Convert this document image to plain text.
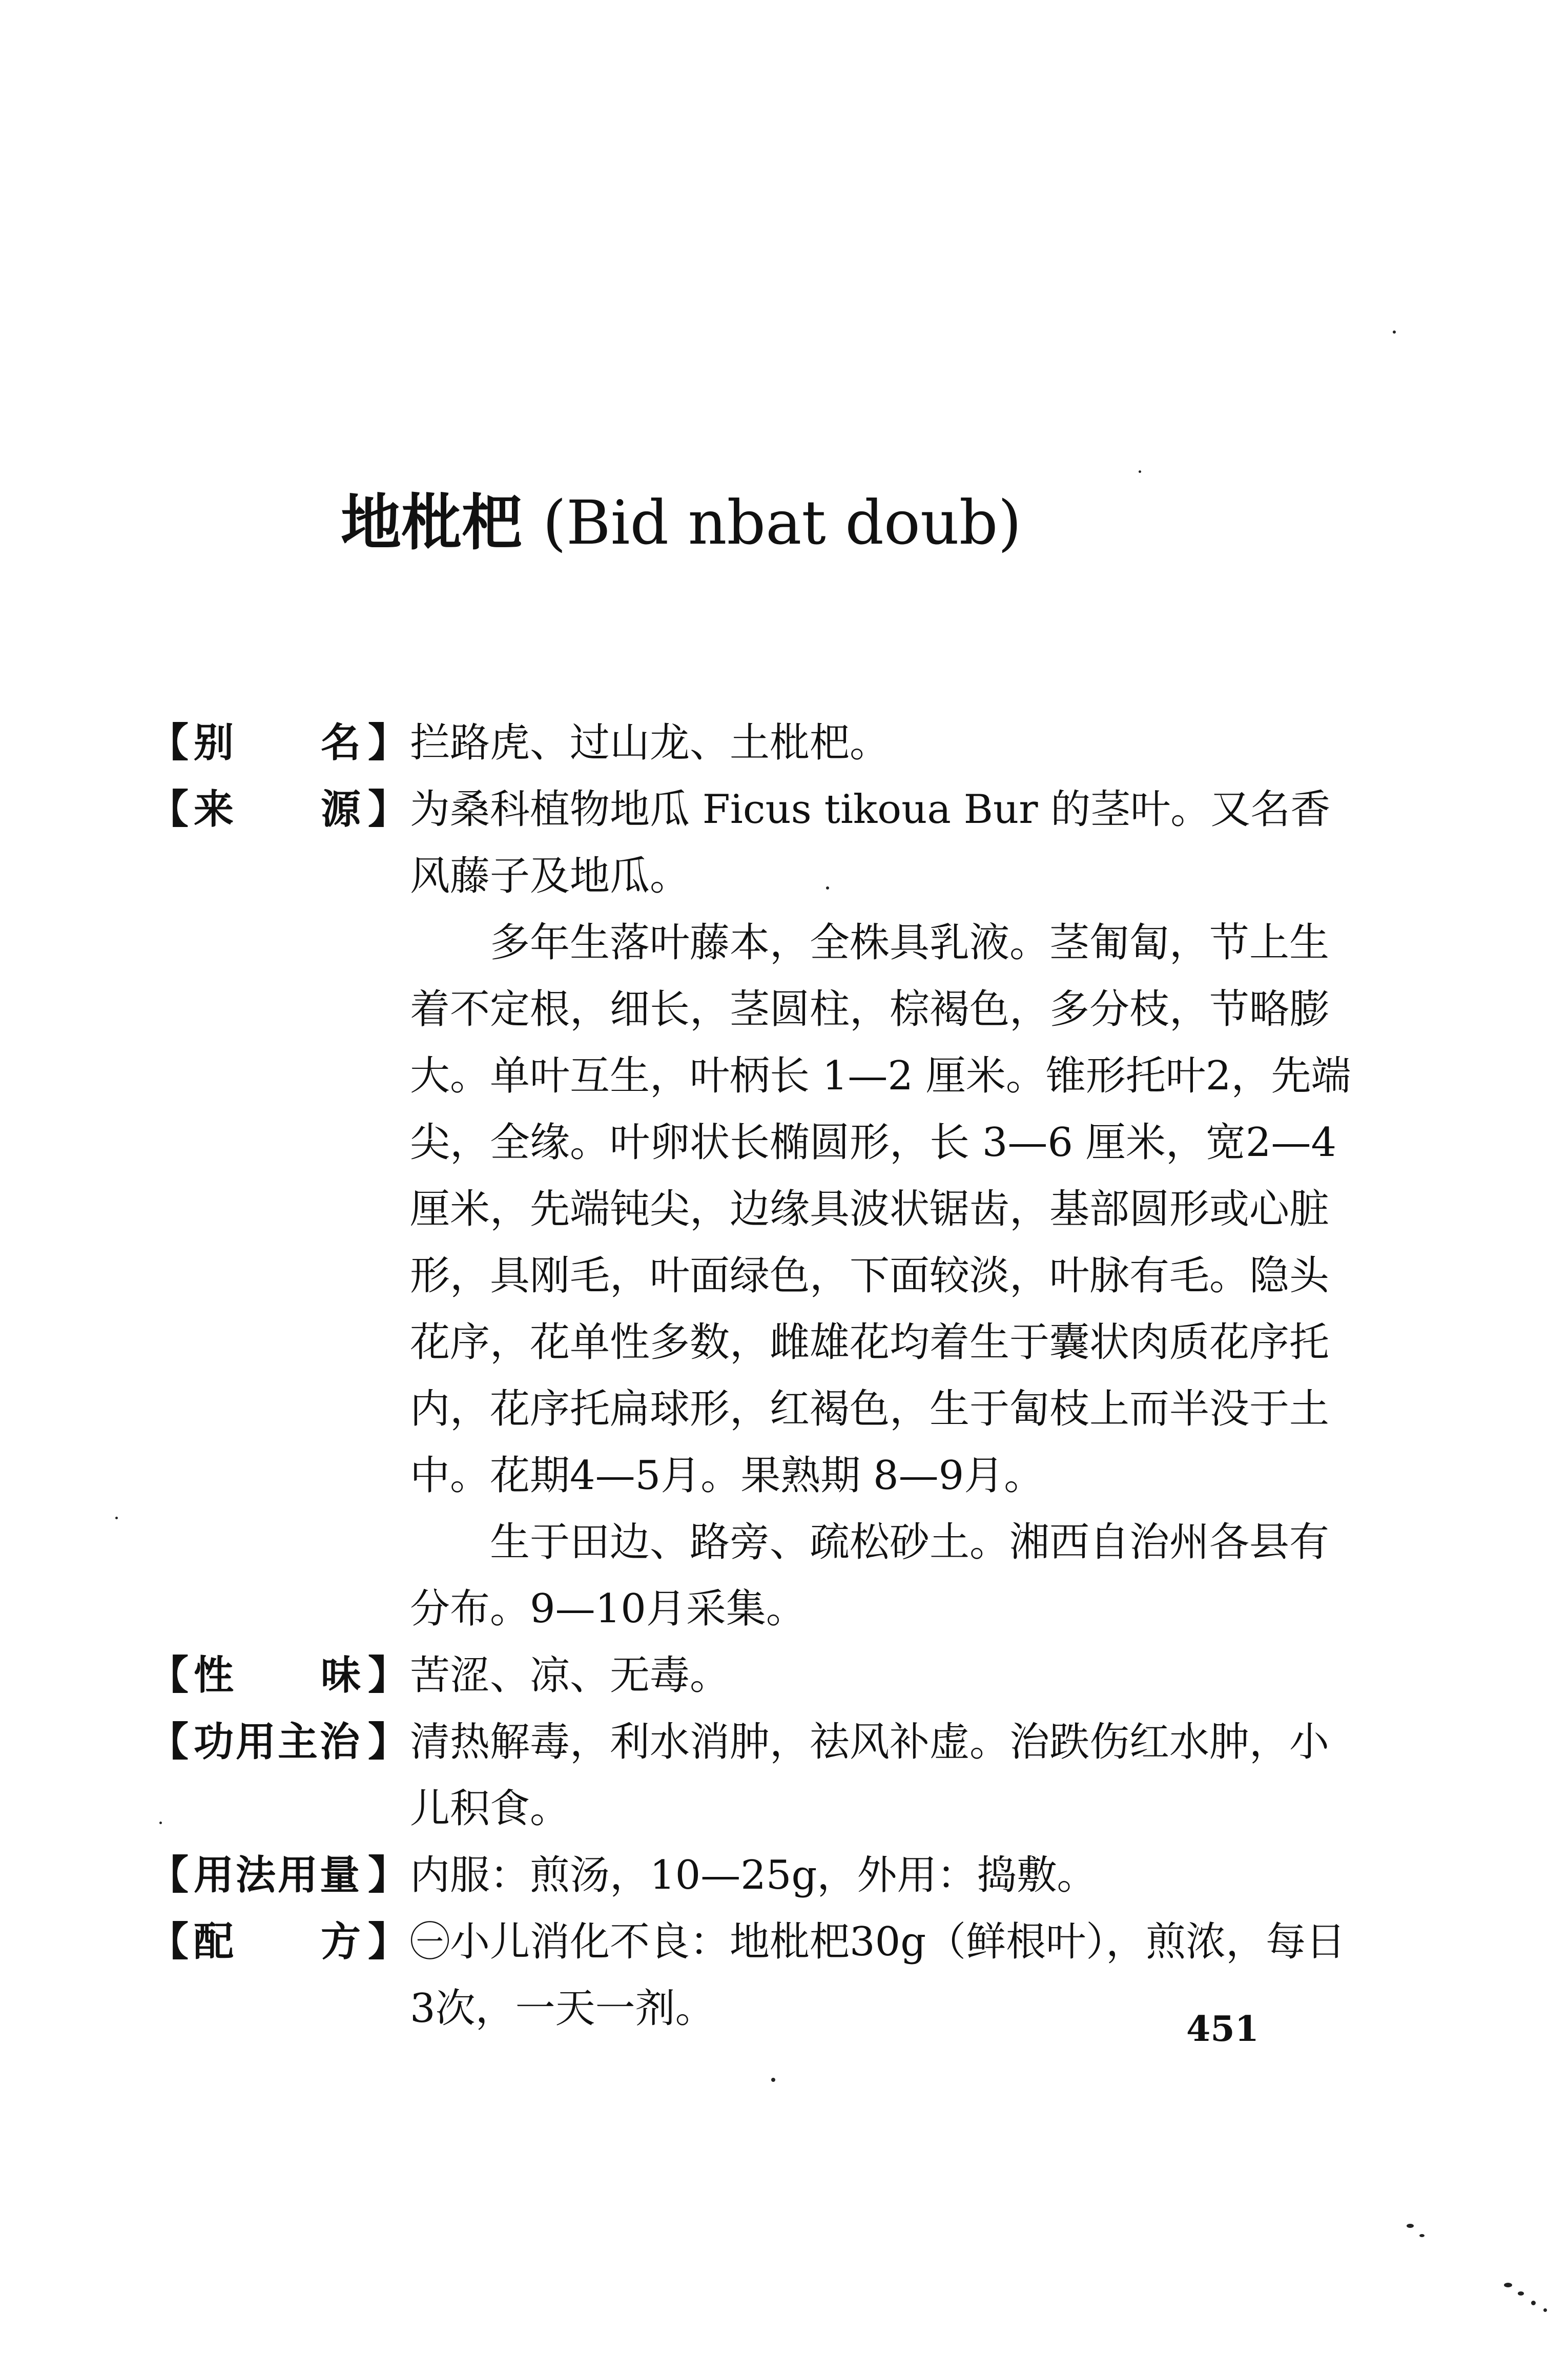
地枇杷 (Bid nbat doub)
【 别 名 】 拦路虎、过山龙、土枇杷。

【 来 源 】 为桑科植物地瓜 Ficus tikoua Bur 的茎叶。又名香风藤子及地瓜。

多年生落叶藤本，全株具乳液。茎匍匐，节上生着不定根，细长，茎圆柱，棕褐色，多分枝，节略膨大。单叶互生，叶柄长 1—2 厘米。锥形托叶2，先端尖，全缘。叶卵状长椭圆形，长 3—6 厘米，宽2—4厘米，先端钝尖，边缘具波状锯齿，基部圆形或心脏形，具刚毛，叶面绿色，下面较淡，叶脉有毛。隐头花序，花单性多数，雌雄花均着生于囊状肉质花序托内，花序托扁球形，红褐色，生于匐枝上而半没于土中。花期4—5月。果熟期 8—9月。

生于田边、路旁、疏松砂土。湘西自治州各县有分布。9—10月采集。

【 性 味 】 苦涩、凉、无毒。

【 功用主治 】 清热解毒，利水消肿，祛风补虚。治跌伤红水肿，小儿积食。

【 用法用量 】 内服：煎汤，10—25g，外用：捣敷。

【 配 方 】 ㊀小儿消化不良：地枇杷30g（鲜根叶），煎浓，每日3次，一天一剂。	451
